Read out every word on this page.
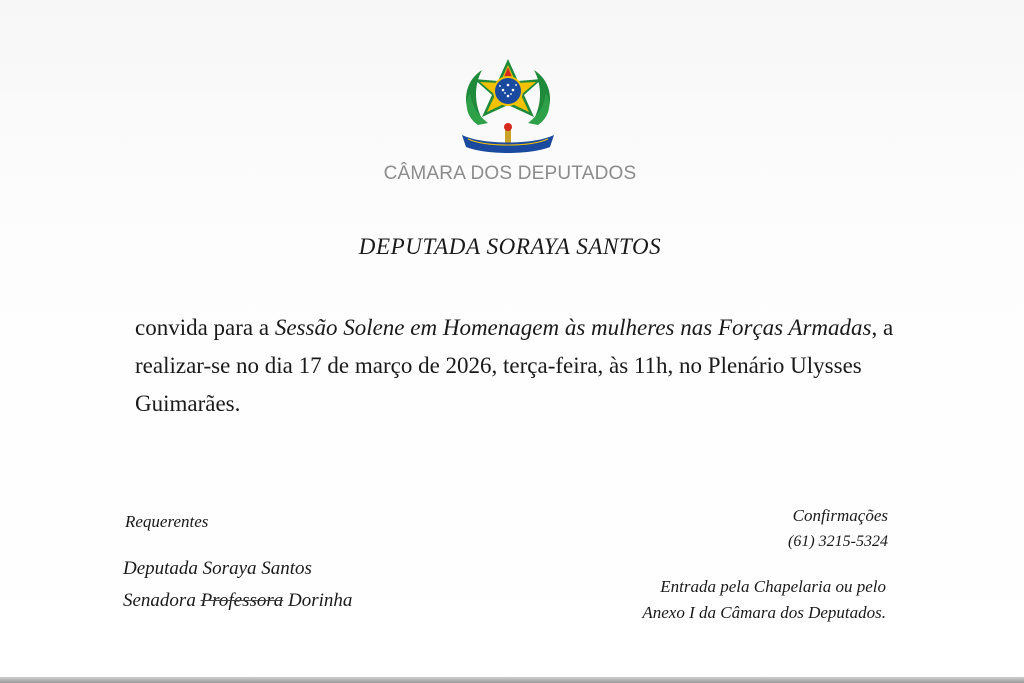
CÂMARA DOS DEPUTADOS
DEPUTADA SORAYA SANTOS
convida para a Sessão Solene em Homenagem às mulheres nas Forças Armadas, a realizar-se no dia 17 de março de 2026, terça-feira, às 11h, no Plenário Ulysses Guimarães.
Requerentes
Deputada Soraya Santos
Senadora Professora Dorinha
Confirmações
(61) 3215-5324
Entrada pela Chapelaria ou pelo
Anexo I da Câmara dos Deputados.
